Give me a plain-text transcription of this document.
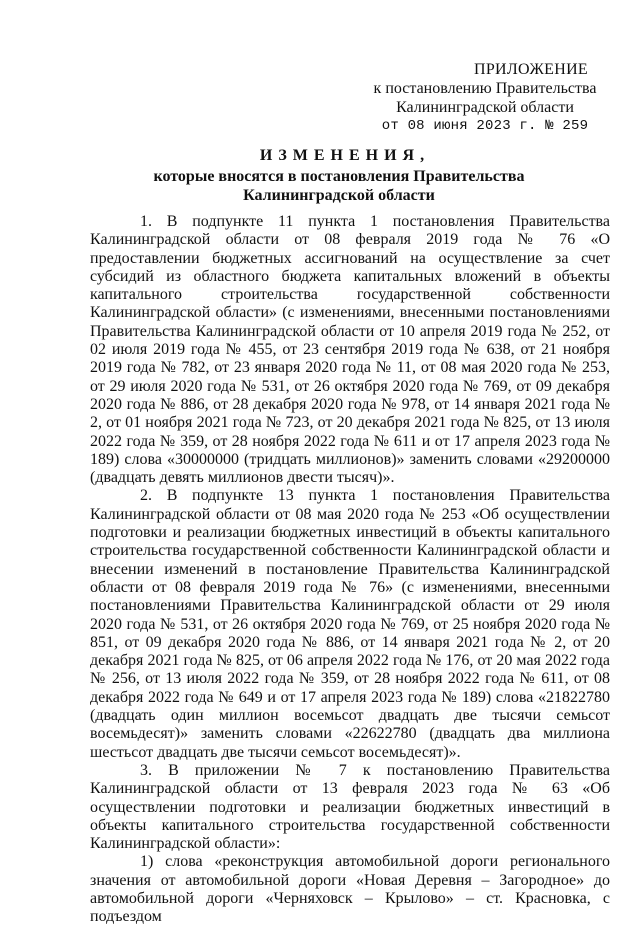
ПРИЛОЖЕНИЕ
к постановлению Правительства
Калининградской области
от 08 июня 2023 г. № 259
ИЗМЕНЕНИЯ,
которые вносятся в постановления Правительства
Калининградской области

1. В подпункте 11 пункта 1 постановления Правительства Калининградской области от 08 февраля 2019 года № 76 «О предоставлении бюджетных ассигнований на осуществление за счет субсидий из областного бюджета капитальных вложений в объекты капитального строительства государственной собственности Калининградской области» (с изменениями, внесенными постановлениями Правительства Калининградской области от 10 апреля 2019 года № 252, от 02 июля 2019 года № 455, от 23 сентября 2019 года № 638, от 21 ноября 2019 года № 782, от 23 января 2020 года № 11, от 08 мая 2020 года № 253, от 29 июля 2020 года № 531, от 26 октября 2020 года № 769, от 09 декабря 2020 года № 886, от 28 декабря 2020 года № 978, от 14 января 2021 года № 2, от 01 ноября 2021 года № 723, от 20 декабря 2021 года № 825, от 13 июля 2022 года № 359, от 28 ноября 2022 года № 611 и от 17 апреля 2023 года № 189) слова «30000000 (тридцать миллионов)» заменить словами «29200000 (двадцать девять миллионов двести тысяч)».

2. В подпункте 13 пункта 1 постановления Правительства Калининградской области от 08 мая 2020 года № 253 «Об осуществлении подготовки и реализации бюджетных инвестиций в объекты капитального строительства государственной собственности Калининградской области и внесении изменений в постановление Правительства Калининградской области от 08 февраля 2019 года № 76» (с изменениями, внесенными постановлениями Правительства Калининградской области от 29 июля 2020 года № 531, от 26 октября 2020 года № 769, от 25 ноября 2020 года № 851, от 09 декабря 2020 года № 886, от 14 января 2021 года № 2, от 20 декабря 2021 года № 825, от 06 апреля 2022 года № 176, от 20 мая 2022 года № 256, от 13 июля 2022 года № 359, от 28 ноября 2022 года № 611, от 08 декабря 2022 года № 649 и от 17 апреля 2023 года № 189) слова «21822780 (двадцать один миллион восемьсот двадцать две тысячи семьсот восемьдесят)» заменить словами «22622780 (двадцать два миллиона шестьсот двадцать две тысячи семьсот восемьдесят)».

3. В приложении № 7 к постановлению Правительства Калининградской области от 13 февраля 2023 года № 63 «Об осуществлении подготовки и реализации бюджетных инвестиций в объекты капитального строительства государственной собственности Калининградской области»:

1) слова «реконструкция автомобильной дороги регионального значения от автомобильной дороги «Новая Деревня – Загородное» до автомобильной дороги «Черняховск – Крылово» – ст. Красновка, с подъездом
